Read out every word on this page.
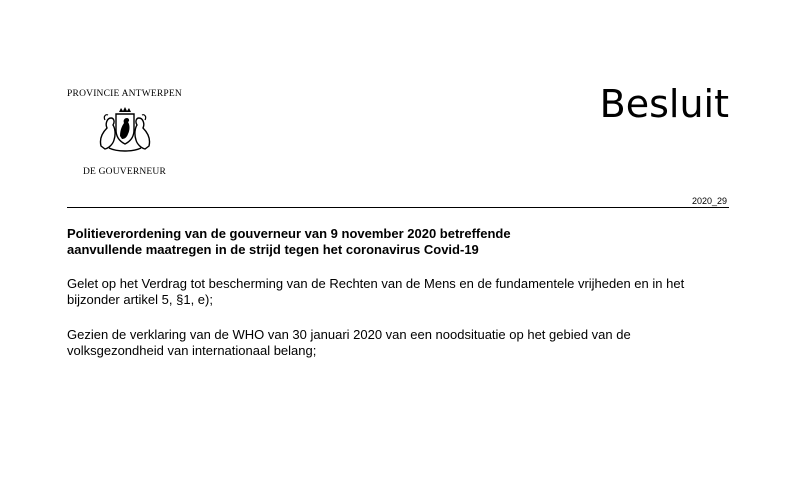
PROVINCIE ANTWERPEN
DE GOUVERNEUR
Besluit
2020_29
Politieverordening van de gouverneur van 9 november 2020 betreffende
aanvullende maatregen in de strijd tegen het coronavirus Covid-19
Gelet op het Verdrag tot bescherming van de Rechten van de Mens en de fundamentele vrijheden en in het
bijzonder artikel 5, §1, e);
Gezien de verklaring van de WHO van 30 januari 2020 van een noodsituatie op het gebied van de
volksgezondheid van internationaal belang;
